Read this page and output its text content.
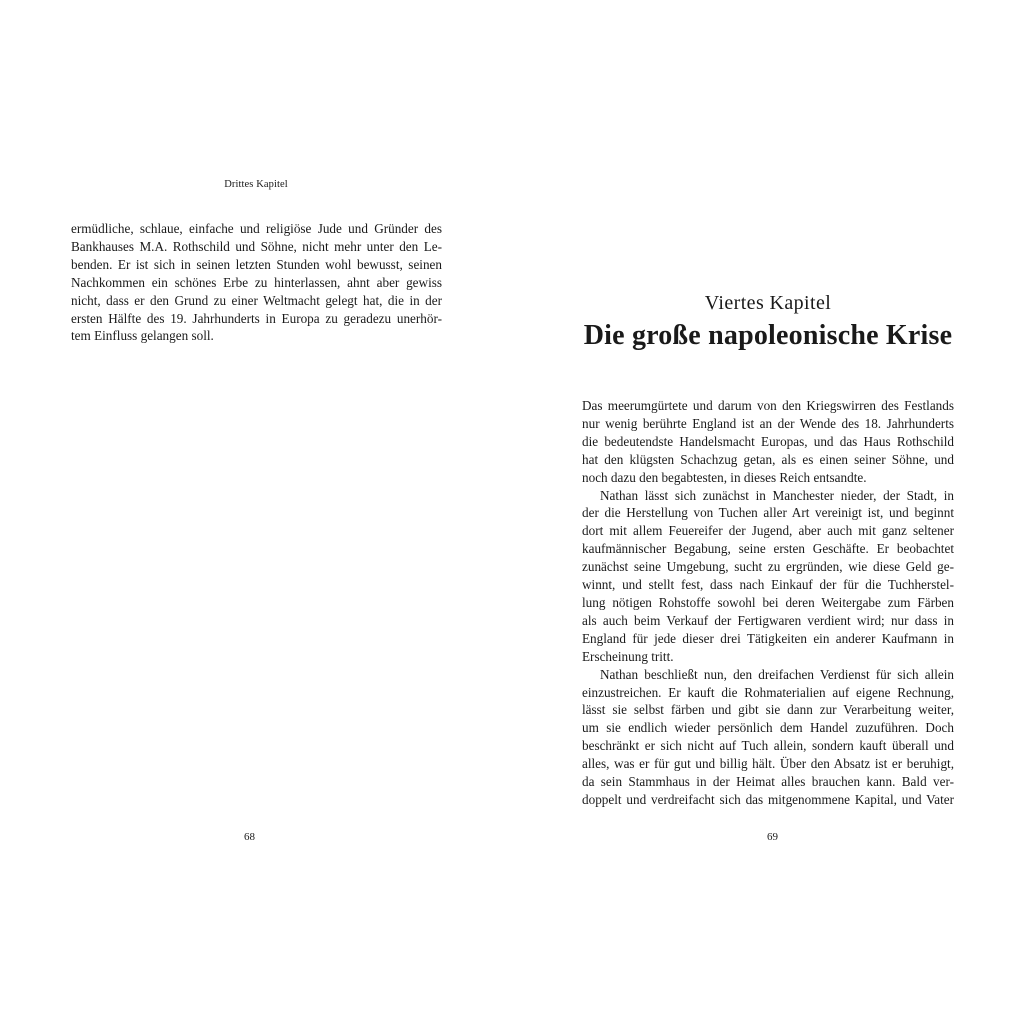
Drittes Kapitel
ermüdliche, schlaue, einfache und religiöse Jude und Gründer des
Bankhauses M.A. Rothschild und Söhne, nicht mehr unter den Le-
benden. Er ist sich in seinen letzten Stunden wohl bewusst, seinen
Nachkommen ein schönes Erbe zu hinterlassen, ahnt aber gewiss
nicht, dass er den Grund zu einer Weltmacht gelegt hat, die in der
ersten Hälfte des 19. Jahrhunderts in Europa zu geradezu unerhör-
tem Einfluss gelangen soll.
68
Viertes Kapitel
Die große napoleonische Krise
Das meerumgürtete und darum von den Kriegswirren des Festlands
nur wenig berührte England ist an der Wende des 18. Jahrhunderts
die bedeutendste Handelsmacht Europas, und das Haus Rothschild
hat den klügsten Schachzug getan, als es einen seiner Söhne, und
noch dazu den begabtesten, in dieses Reich entsandte.
Nathan lässt sich zunächst in Manchester nieder, der Stadt, in
der die Herstellung von Tuchen aller Art vereinigt ist, und beginnt
dort mit allem Feuereifer der Jugend, aber auch mit ganz seltener
kaufmännischer Begabung, seine ersten Geschäfte. Er beobachtet
zunächst seine Umgebung, sucht zu ergründen, wie diese Geld ge-
winnt, und stellt fest, dass nach Einkauf der für die Tuchherstel-
lung nötigen Rohstoffe sowohl bei deren Weitergabe zum Färben
als auch beim Verkauf der Fertigwaren verdient wird; nur dass in
England für jede dieser drei Tätigkeiten ein anderer Kaufmann in
Erscheinung tritt.
Nathan beschließt nun, den dreifachen Verdienst für sich allein
einzustreichen. Er kauft die Rohmaterialien auf eigene Rechnung,
lässt sie selbst färben und gibt sie dann zur Verarbeitung weiter,
um sie endlich wieder persönlich dem Handel zuzuführen. Doch
beschränkt er sich nicht auf Tuch allein, sondern kauft überall und
alles, was er für gut und billig hält. Über den Absatz ist er beruhigt,
da sein Stammhaus in der Heimat alles brauchen kann. Bald ver-
doppelt und verdreifacht sich das mitgenommene Kapital, und Vater
69
